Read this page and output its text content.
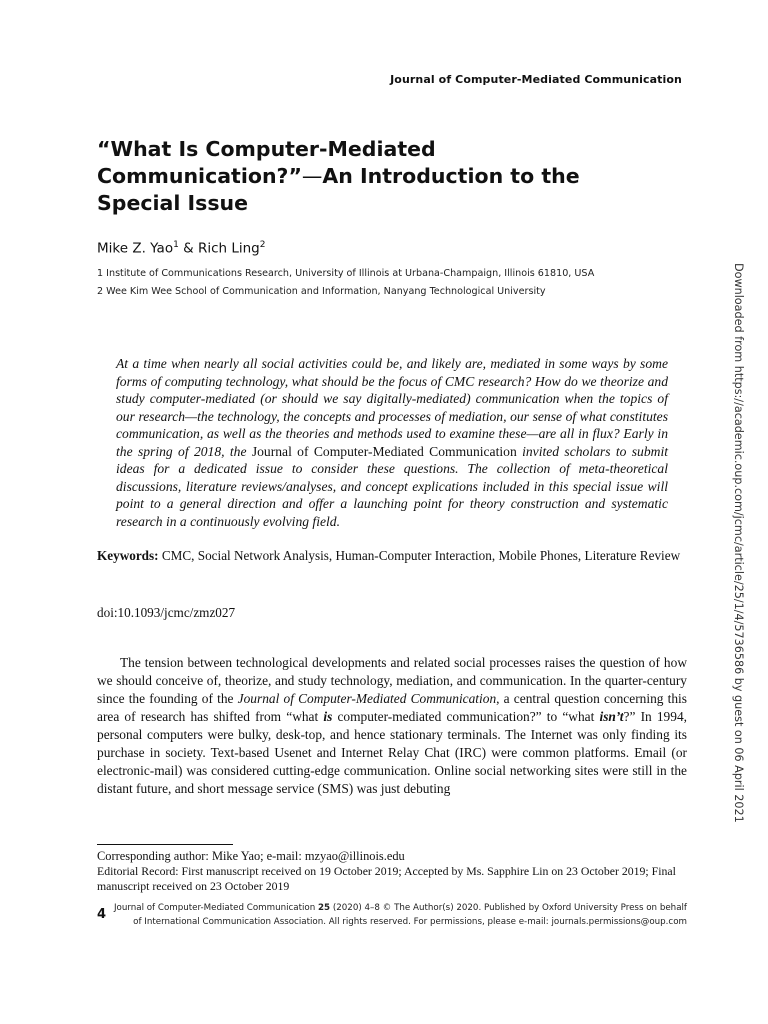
Journal of Computer-Mediated Communication
“What Is Computer-Mediated Communication?”—An Introduction to the Special Issue
Mike Z. Yao$^1$ & Rich Ling$^2$
1 Institute of Communications Research, University of Illinois at Urbana-Champaign, Illinois 61810, USA
2 Wee Kim Wee School of Communication and Information, Nanyang Technological University

At a time when nearly all social activities could be, and likely are, mediated in some ways by some forms of computing technology, what should be the focus of CMC research? How do we theorize and study computer-mediated (or should we say digitally-mediated) communication when the topics of our research—the technology, the concepts and processes of mediation, our sense of what constitutes communication, as well as the theories and methods used to examine these—are all in flux? Early in the spring of 2018, the Journal of Computer-Mediated Communication invited scholars to submit ideas for a dedicated issue to consider these questions. The collection of meta-theoretical discussions, literature reviews/analyses, and concept explications included in this special issue will point to a general direction and offer a launching point for theory construction and systematic research in a continuously evolving field.

Keywords: CMC, Social Network Analysis, Human-Computer Interaction, Mobile Phones, Literature Review

doi:10.1093/jcmc/zmz027

The tension between technological developments and related social processes raises the question of how we should conceive of, theorize, and study technology, mediation, and communication. In the quarter-century since the founding of the Journal of Computer-Mediated Communication, a central question concerning this area of research has shifted from “what is computer-mediated communication?” to “what isn’t?” In 1994, personal computers were bulky, desk-top, and hence stationary terminals. The Internet was only finding its purchase in society. Text-based Usenet and Internet Relay Chat (IRC) were common platforms. Email (or electronic-mail) was considered cutting-edge communication. Online social networking sites were still in the distant future, and short message service (SMS) was just debuting

Corresponding author: Mike Yao; e-mail: mzyao@illinois.edu
Editorial Record: First manuscript received on 19 October 2019; Accepted by Ms. Sapphire Lin on 23 October 2019; Final manuscript received on 23 October 2019
4 Journal of Computer-Mediated Communication 25 (2020) 4–8 © The Author(s) 2020. Published by Oxford University Press on behalf of International Communication Association. All rights reserved. For permissions, please e-mail: journals.permissions@oup.com
Downloaded from https://academic.oup.com/jcmc/article/25/1/4/5736586 by guest on 06 April 2021
